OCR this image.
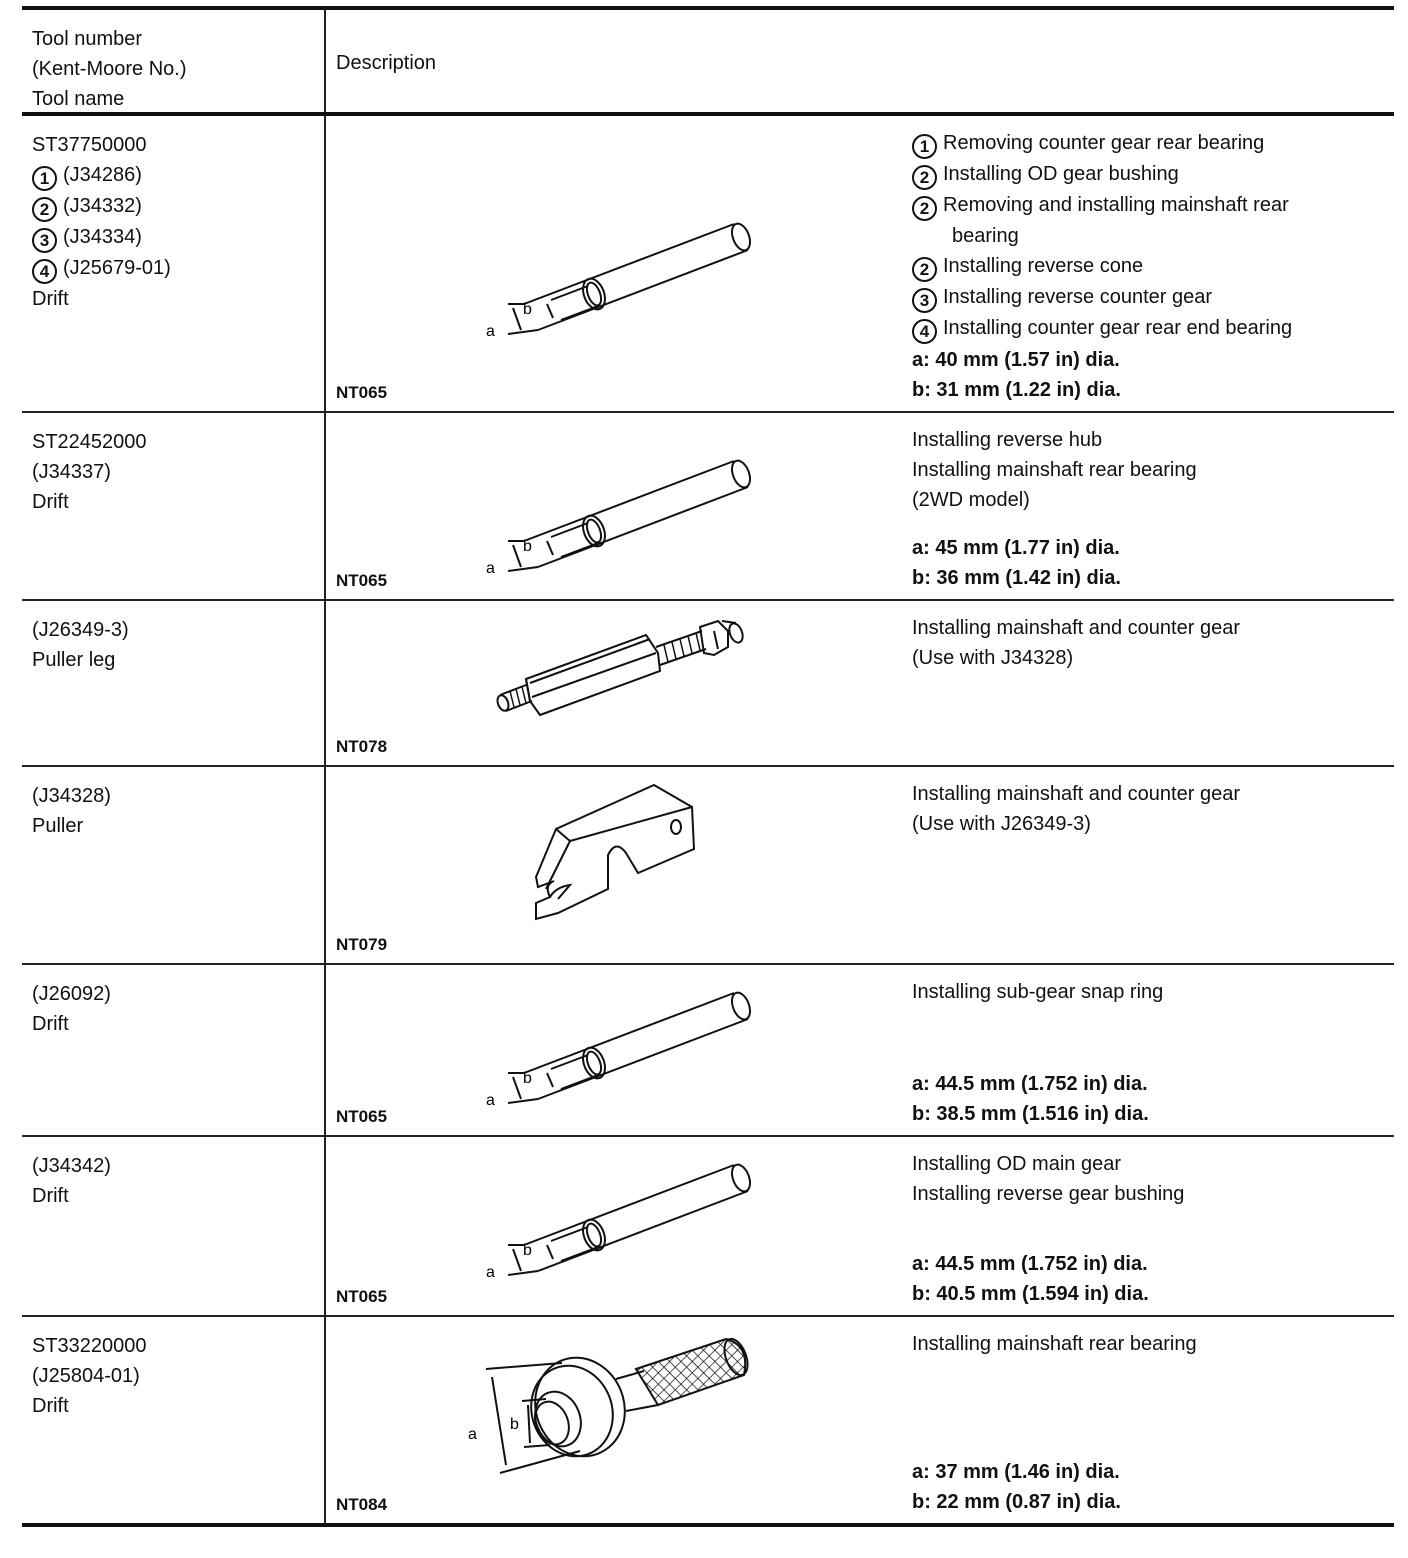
Tool number
(Kent-Moore No.)
Tool name
Description
ST37750000
1 (J34286)
2 (J34332)
3 (J34334)
4 (J25679-01)
Drift
a
b
1 Removing counter gear rear bearing
2 Installing OD gear bushing
2 Removing and installing mainshaft rear
bearing
2 Installing reverse cone
3 Installing reverse counter gear
4 Installing counter gear rear end bearing
a: 40 mm (1.57 in) dia.
b: 31 mm (1.22 in) dia.
NT065
ST22452000
(J34337)
Drift
a
b
Installing reverse hub
Installing mainshaft rear bearing
(2WD model)
a: 45 mm (1.77 in) dia.
b: 36 mm (1.42 in) dia.
NT065
(J26349-3)
Puller leg
Installing mainshaft and counter gear
(Use with J34328)
NT078
(J34328)
Puller
Installing mainshaft and counter gear
(Use with J26349-3)
NT079
(J26092)
Drift
a
b
Installing sub-gear snap ring
a: 44.5 mm (1.752 in) dia.
b: 38.5 mm (1.516 in) dia.
NT065
(J34342)
Drift
a
b
Installing OD main gear
Installing reverse gear bushing
a: 44.5 mm (1.752 in) dia.
b: 40.5 mm (1.594 in) dia.
NT065
ST33220000
(J25804-01)
Drift
a
b
Installing mainshaft rear bearing
a: 37 mm (1.46 in) dia.
b: 22 mm (0.87 in) dia.
NT084
